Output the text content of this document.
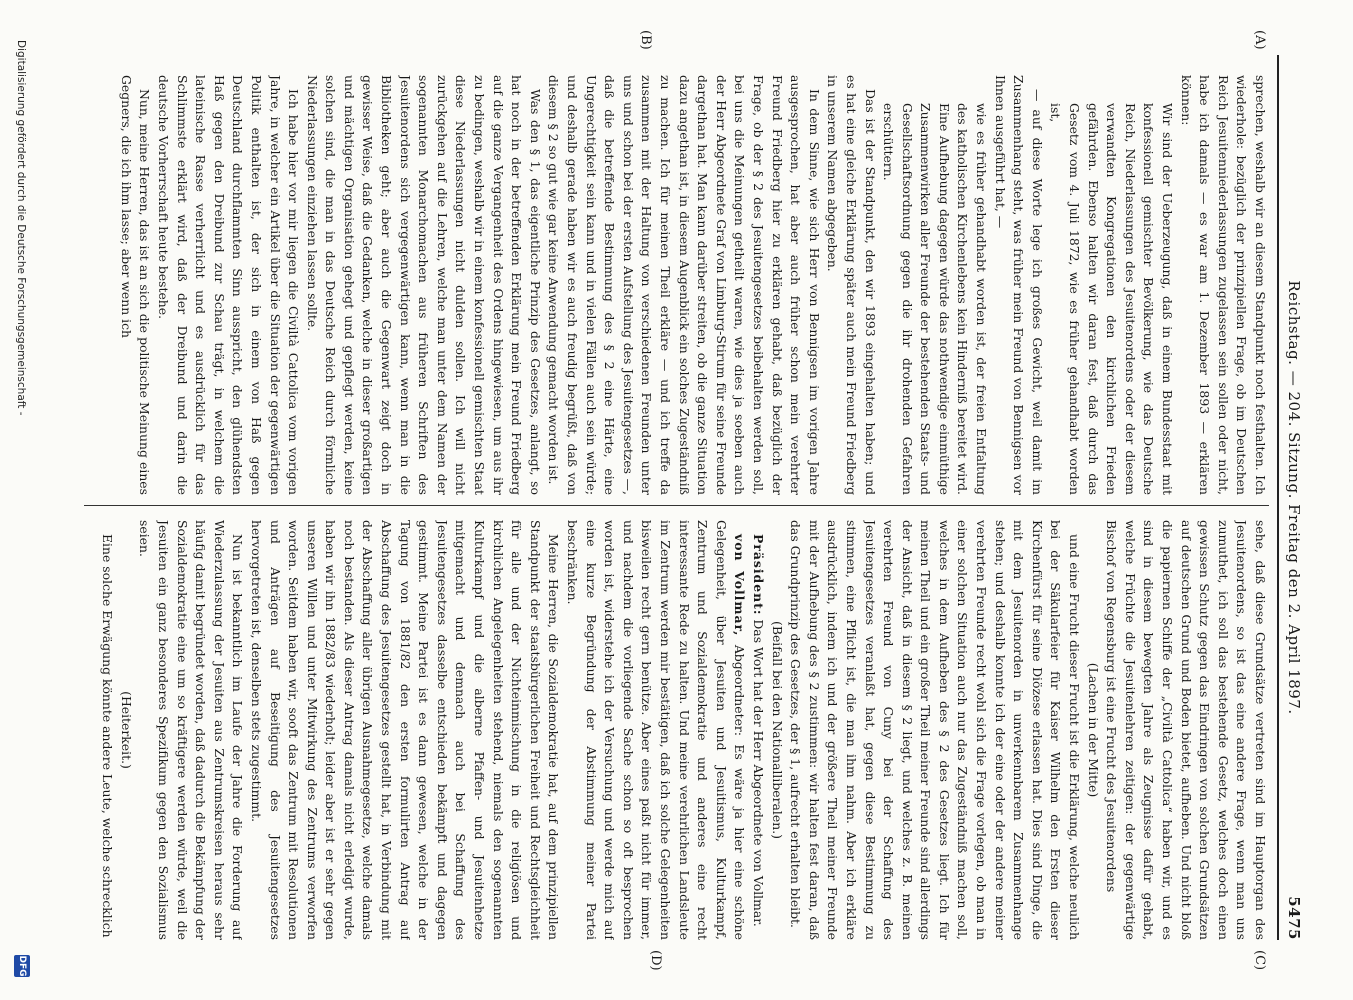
Reichstag. — 204. Sitzung. Freitag den 2. April 1897.
5475
(A)
(B)
(C)
(D)

sprechen, weshalb wir an diesem Standpunkt noch festhalten. Ich wiederhole: bezüglich der prinzipiellen Frage, ob im Deutschen Reich Jesuitenniederlassungen zugelassen sein sollen oder nicht, habe ich damals — es war am 1. Dezember 1893 — erklären können:

Wir sind der Ueberzeugung, daß in einem Bundesstaat mit konfessionell gemischter Bevölkerung, wie das Deutsche Reich, Niederlassungen des Jesuitenordens oder der diesem verwandten Kongregationen den kirchlichen Frieden gefährden. Ebenso halten wir daran fest, daß durch das Gesetz vom 4. Juli 1872, wie es früher gehandhabt worden ist,

— auf diese Worte lege ich großes Gewicht, weil damit im Zusammenhang steht, was früher mein Freund von Bennigsen vor Ihnen ausgeführt hat, —

wie es früher gehandhabt worden ist, der freien Entfaltung des katholischen Kirchenlebens kein Hinderniß bereitet wird. Eine Aufhebung dagegen würde das nothwendige einmüthige Zusammenwirken aller Freunde der bestehenden Staats- und Gesellschaftsordnung gegen die ihr drohenden Gefahren erschüttern.

Das ist der Standpunkt, den wir 1893 eingehalten haben; und es hat eine gleiche Erklärung später auch mein Freund Friedberg in unserem Namen abgegeben.

In dem Sinne, wie sich Herr von Bennigsen im vorigen Jahre ausgesprochen, hat aber auch früher schon mein verehrter Freund Friedberg hier zu erklären gehabt, daß bezüglich der Frage, ob der § 2 des Jesuitengesetzes beibehalten werden soll, bei uns die Meinungen getheilt waren, wie dies ja soeben auch der Herr Abgeordnete Graf von Limburg-Stirum für seine Freunde dargethan hat. Man kann darüber streiten, ob die ganze Situation dazu angethan ist, in diesem Augenblick ein solches Zugeständniß zu machen. Ich für meinen Theil erkläre — und ich treffe da zusammen mit der Haltung von verschiedenen Freunden unter uns und schon bei der ersten Aufstellung des Jesuitengesetzes —, daß die betreffende Bestimmung des § 2 eine Härte, eine Ungerechtigkeit sein kann und in vielen Fällen auch sein würde; und deshalb gerade haben wir es auch freudig begrüßt, daß von diesem § 2 so gut wie gar keine Anwendung gemacht worden ist.

Was den § 1, das eigentliche Prinzip des Gesetzes, anlangt, so hat noch in der betreffenden Erklärung mein Freund Friedberg auf die ganze Vergangenheit des Ordens hingewiesen, um aus ihr zu bedingen, weshalb wir in einem konfessionell gemischten Staat diese Niederlassungen nicht dulden sollen. Ich will nicht zurückgehen auf die Lehren, welche man unter dem Namen der sogenannten Monarchomachen aus früheren Schriften des Jesuitenordens sich vergegenwärtigen kann, wenn man in die Bibliotheken geht; aber auch die Gegenwart zeigt doch in gewisser Weise, daß die Gedanken, welche in dieser großartigen und mächtigen Organisation gehegt und gepflegt werden, keine solchen sind, die man in das Deutsche Reich durch förmliche Niederlassungen einziehen lassen sollte.

Ich habe hier vor mir liegen die Civiltà Cattolica vom vorigen Jahre, in welcher ein Artikel über die Situation der gegenwärtigen Politik enthalten ist, der sich in einem von Haß gegen Deutschland durchflammten Sinn ausspricht, den glühendsten Haß gegen den Dreibund zur Schau trägt, in welchem die lateinische Rasse verherrlicht und es ausdrücklich für das Schlimmste erklärt wird, daß der Dreibund und darin die deutsche Vorherrschaft heute bestehe.

Nun, meine Herren, das ist an sich die politische Meinung eines Gegners, die ich ihm lasse; aber wenn ich

sehe, daß diese Grundsätze vertreten sind im Hauptorgan des Jesuitenordens, so ist das eine andere Frage, wenn man uns zumuthet, ich soll das bestehende Gesetz, welches doch einen gewissen Schutz gegen das Eindringen von solchen Grundsätzen auf deutschen Grund und Boden bietet, aufheben. Und nicht bloß die papiernen Schiffe der „Civiltà Cattolica“ haben wir, und es sind in diesem bewegten Jahre als Zeugnisse dafür gehabt, welche Früchte die Jesuitenlehren zeitigen: der gegenwärtige Bischof von Regensburg ist eine Frucht des Jesuitenordens

(Lachen in der Mitte)

und eine Frucht dieser Frucht ist die Erklärung, welche neulich bei der Säkularfeier für Kaiser Wilhelm den Ersten dieser Kirchenfürst für seine Diözese erlassen hat. Dies sind Dinge, die mit dem Jesuitenorden in unverkennbarem Zusammenhange stehen; und deshalb konnte ich der eine oder der andere meiner verehrten Freunde recht wohl sich die Frage vorlegen, ob man in einer solchen Situation auch nur das Zugeständniß machen soll, welches in dem Aufheben des § 2 des Gesetzes liegt. Ich für meinen Theil und ein großer Theil meiner Freunde sind allerdings der Ansicht, daß in diesem § 2 liegt, und welches z. B. meinen verehrten Freund von Cuny bei der Schaffung des Jesuitengesetzes veranlaßt hat, gegen diese Bestimmung zu stimmen, eine Pflicht ist, die man ihm nahm. Aber ich erkläre ausdrücklich, indem ich und der größere Theil meiner Freunde mit der Aufhebung des § 2 zustimmen: wir halten fest daran, daß das Grundprinzip des Gesetzes, der § 1, aufrecht erhalten bleibt.

(Beifall bei den Nationalliberalen.)

Präsident: Das Wort hat der Herr Abgeordnete von Vollmar.

von Vollmar, Abgeordneter: Es wäre ja hier eine schöne Gelegenheit, über Jesuiten und Jesuitismus, Kulturkampf, Zentrum und Sozialdemokratie und anderes eine recht interessante Rede zu halten. Und meine verehrlichen Landsleute im Zentrum werden mir bestätigen, daß ich solche Gelegenheiten bisweilen recht gern benütze. Aber eines paßt nicht für immer, und nachdem die vorliegende Sache schon so oft besprochen worden ist, widerstehe ich der Versuchung und werde mich auf eine kurze Begründung der Abstimmung meiner Partei beschränken.

Meine Herren, die Sozialdemokratie hat, auf dem prinzipiellen Standpunkt der staatsbürgerlichen Freiheit und Rechtsgleichheit für alle und der Nichteinmischung in die religiösen und kirchlichen Angelegenheiten stehend, niemals den sogenannten Kulturkampf und die alberne Pfaffen- und Jesuitenhetze mitgemacht und demnach auch bei Schaffung des Jesuitengesetzes dasselbe entschieden bekämpft und dagegen gestimmt. Meine Partei ist es dann gewesen, welche in der Tagung von 1881/82 den ersten formulirten Antrag auf Abschaffung des Jesuitengesetzes gestellt hat, in Verbindung mit der Abschaffung aller übrigen Ausnahmegesetze, welche damals noch bestanden. Als dieser Antrag damals nicht erledigt wurde, haben wir ihn 1882/83 wiederholt; leider aber ist er sehr gegen unseren Willen und unter Mitwirkung des Zentrums verworfen worden. Seitdem haben wir, sooft das Zentrum mit Resolutionen und Anträgen auf Beseitigung des Jesuitengesetzes hervorgetreten ist, denselben stets zugestimmt.

Nun ist bekanntlich im Laufe der Jahre die Forderung auf Wiederzulassung der Jesuiten aus Zentrumskreisen heraus sehr häufig damit begründet worden, daß dadurch die Bekämpfung der Sozialdemokratie eine um so kräftigere werden würde, weil die Jesuiten ein ganz besonderes Spezifikum gegen den Sozialismus seien.

(Heiterkeit.)

Eine solche Erwägung könnte andere Leute, welche schrecklich

Digitalisierung gefördert durch die Deutsche Forschungsgemeinschaft -
DFG
